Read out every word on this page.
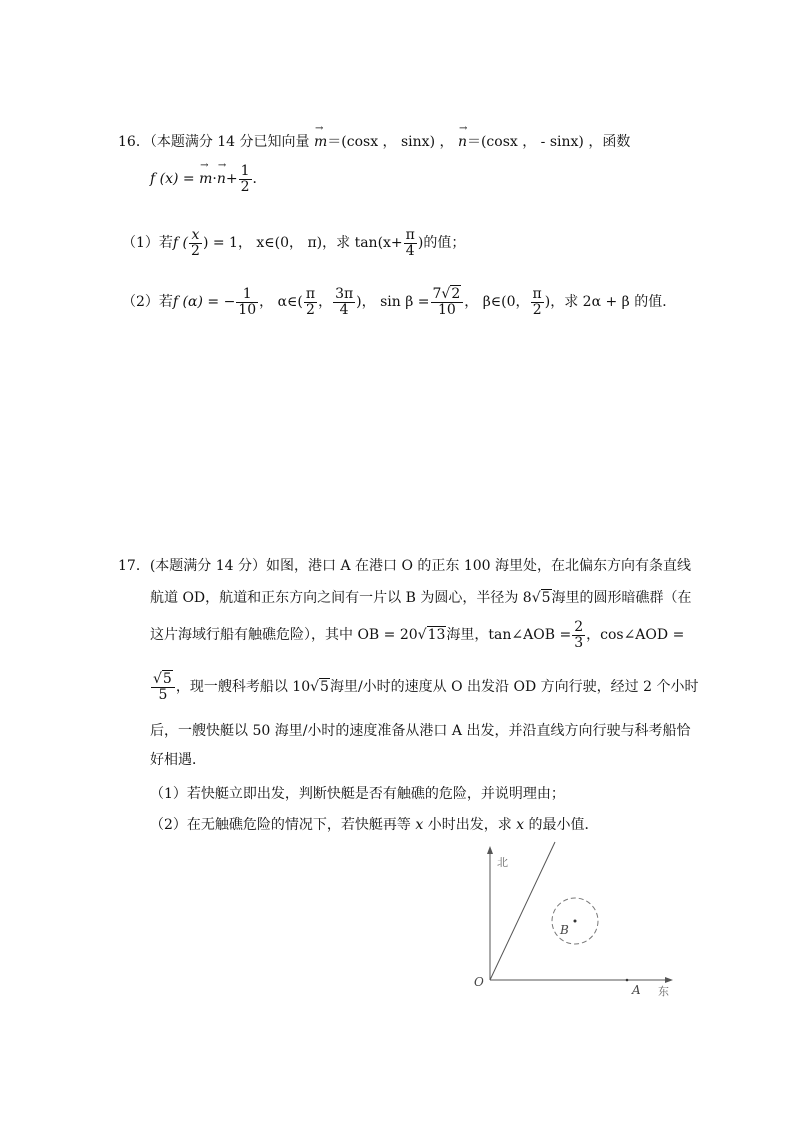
16．（本题满分 14 分已知向量 → m＝(cosx ， sinx) ， → n＝(cosx ， - sinx) ，函数
f (x) = → $m\cdot\to n+ \frac{1}{2}$ ．
（1）若f ( $\frac{x}{2}$ ) = 1， x∈(0， π)，求 $\tan(x+ \frac{\pi}{4}$ )的值；
（2）若f (α) = − $\frac{1}{10}$ ， α∈( $\frac{\pi}{2}$ ， $\frac{3\pi}{4}$ )， $\sin \beta = \frac{7√2}{10}$ ， β∈(0， $\frac{\pi}{2}$ )，求 2α + β 的值．
17．(本题满分 14 分）如图，港口 A 在港口 O 的正东 100 海里处，在北偏东方向有条直线
航道 OD，航道和正东方向之间有一片以 B 为圆心，半径为 8√5海里的圆形暗礁群（在
这片海域行船有触礁危险），其中 OB = 20√13海里，tan∠AOB = $\frac{2}{3}$ ，cos∠AOD =
$\frac{√5}{5}$ ，现一艘科考船以 10√5海里/小时的速度从 O 出发沿 OD 方向行驶，经过 2 个小时
后，一艘快艇以 50 海里/小时的速度准备从港口 A 出发，并沿直线方向行驶与科考船恰
好相遇．
（1）若快艇立即出发，判断快艇是否有触礁的危险，并说明理由；
（2）在无触礁危险的情况下，若快艇再等 x 小时出发，求 x 的最小值．
北
东
O
A
B
